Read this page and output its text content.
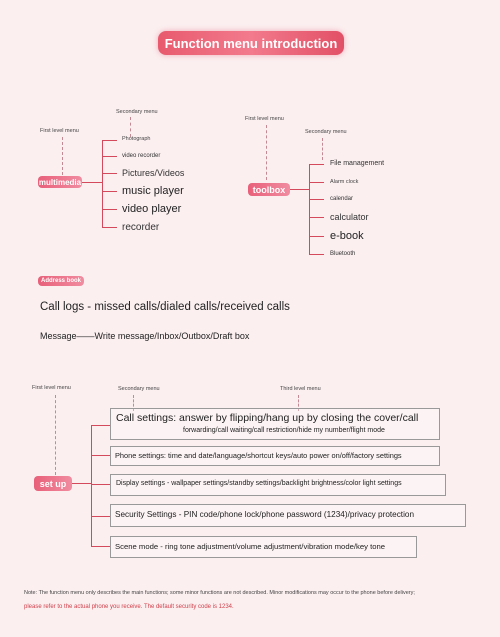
Function menu introduction
Secondary menu
First level menu
multimedia
Photograph
video recorder
Pictures/Videos
music player
video player
recorder
First level menu
Secondary menu
toolbox
File management
Alarm clock
calendar
calculator
e-book
Bluetooth
Address book
Call logs - missed calls/dialed calls/received calls
Message——Write message/Inbox/Outbox/Draft box
First level menu	Secondary menu	Third level menu
set up
Call settings: answer by flipping/hang up by closing the cover/call
forwarding/call waiting/call restriction/hide my number/flight mode
Phone settings: time and date/language/shortcut keys/auto power on/off/factory settings
Display settings - wallpaper settings/standby settings/backlight brightness/color light settings
Security Settings - PIN code/phone lock/phone password (1234)/privacy protection
Scene mode - ring tone adjustment/volume adjustment/vibration mode/key tone
Note: The function menu only describes the main functions; some minor functions are not described. Minor modifications may occur to the phone before delivery;
please refer to the actual phone you receive. The default security code is 1234.
